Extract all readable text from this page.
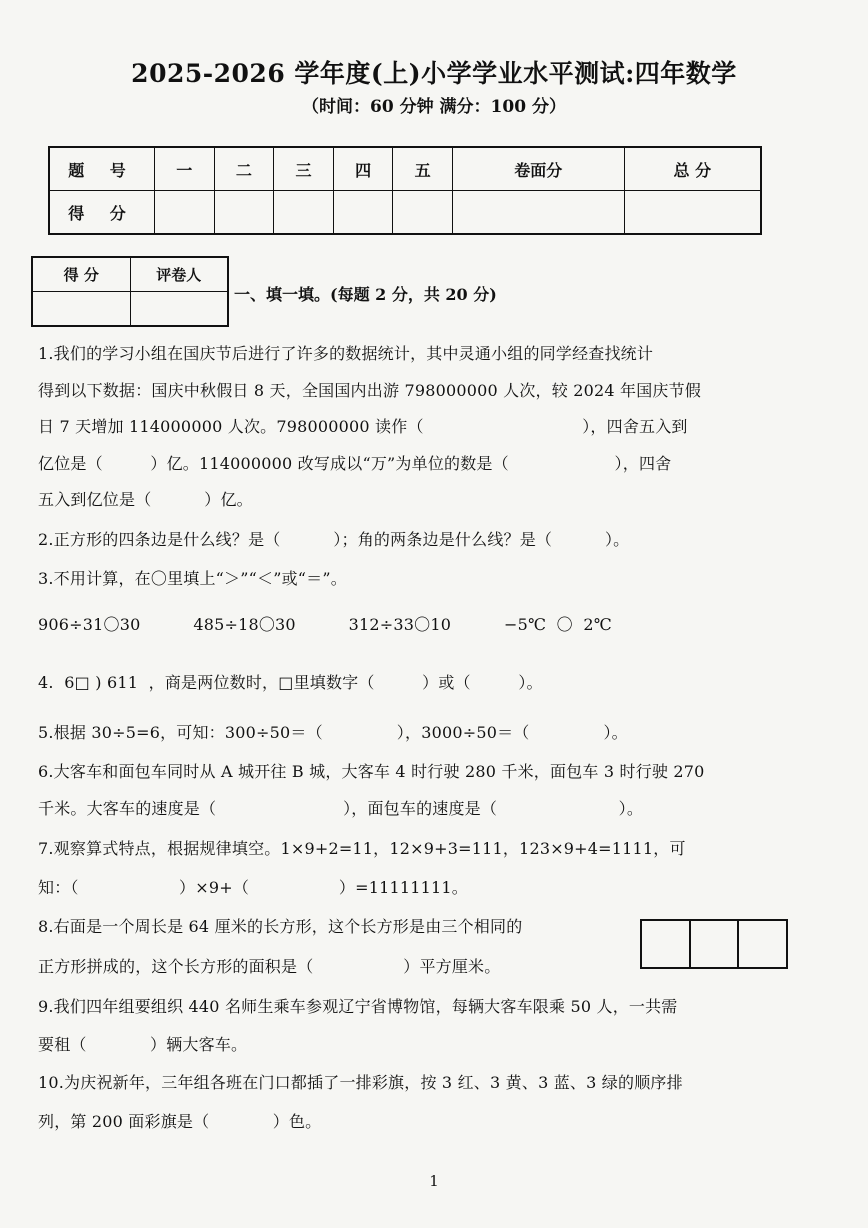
2025-2026 学年度(上)小学学业水平测试:四年数学
（时间：60 分钟 满分：100 分）
题 号	一	二	三	四	五	卷面分	总 分
得 分							
得 分	评卷人

一、填一填。(每题 2 分，共 20 分)
1.我们的学习小组在国庆节后进行了许多的数据统计，其中灵通小组的同学经查找统计
得到以下数据：国庆中秋假日 8 天，全国国内出游 798000000 人次，较 2024 年国庆节假
日 7 天增加 114000000 人次。798000000 读作（                              ），四舍五入到
亿位是（         ）亿。114000000 改写成以“万”为单位的数是（                    ），四舍
五入到亿位是（          ）亿。
2.正方形的四条边是什么线？是（          ）；角的两条边是什么线？是（          ）。
3.不用计算，在〇里填上“＞”“＜”或“＝”。
906÷31〇30          485÷18〇30          312÷33〇10          −5℃  〇  2℃
4.  6□ ) 611  ，商是两位数时，□里填数字（         ）或（         ）。
5.根据 30÷5=6，可知：300÷50＝（              ），3000÷50＝（              ）。
6.大客车和面包车同时从 A 城开往 B 城，大客车 4 时行驶 280 千米，面包车 3 时行驶 270
千米。大客车的速度是（                        ），面包车的速度是（                       ）。
7.观察算式特点，根据规律填空。1×9+2=11，12×9+3=111，123×9+4=1111，可
知：（                   ）×9+（                 ）=11111111。
8.右面是一个周长是 64 厘米的长方形，这个长方形是由三个相同的
正方形拼成的，这个长方形的面积是（                 ）平方厘米。
9.我们四年组要组织 440 名师生乘车参观辽宁省博物馆，每辆大客车限乘 50 人，一共需
要租（            ）辆大客车。
10.为庆祝新年，三年组各班在门口都插了一排彩旗，按 3 红、3 黄、3 蓝、3 绿的顺序排
列，第 200 面彩旗是（            ）色。
1
